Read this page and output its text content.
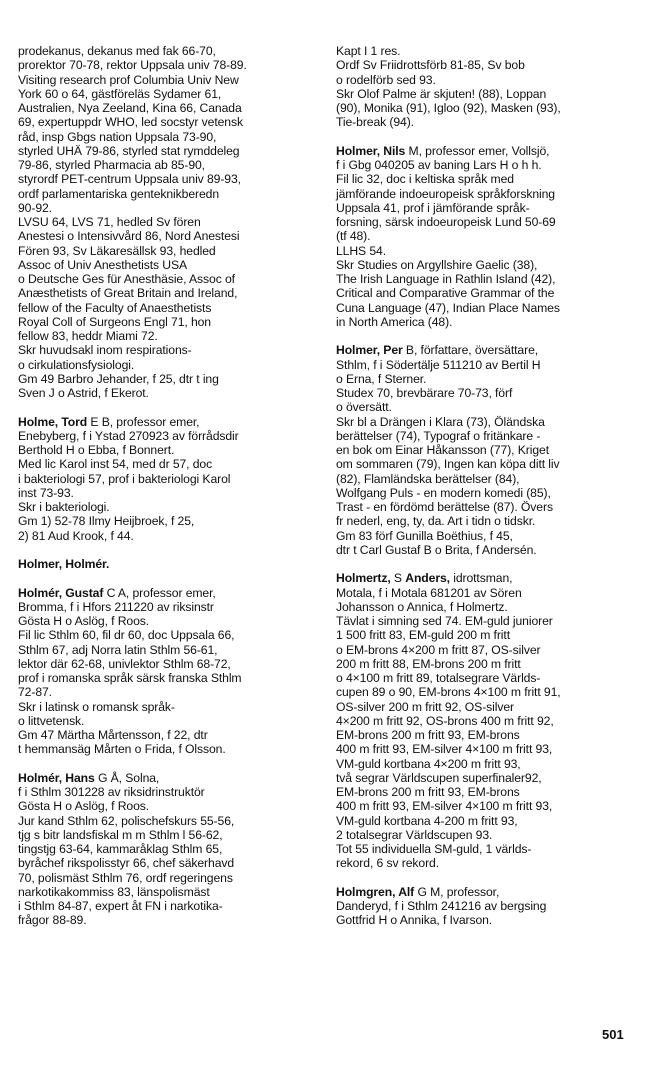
prodekanus, dekanus med fak 66-70,
prorektor 70-78, rektor Uppsala univ 78-89.
Visiting research prof Columbia Univ New
York 60 o 64, gästföreläs Sydamer 61,
Australien, Nya Zeeland, Kina 66, Canada
69, expertuppdr WHO, led socstyr vetensk
råd, insp Gbgs nation Uppsala 73-90,
styrled UHÄ 79-86, styrled stat rymddeleg
79-86, styrled Pharmacia ab 85-90,
styrordf PET-centrum Uppsala univ 89-93,
ordf parlamentariska genteknikberedn
90-92.
LVSU 64, LVS 71, hedled Sv fören
Anestesi o Intensivvård 86, Nord Anestesi
Fören 93, Sv Läkaresällsk 93, hedled
Assoc of Univ Anesthetists USA
o Deutsche Ges für Anesthäsie, Assoc of
Anæsthetists of Great Britain and Ireland,
fellow of the Faculty of Anaesthetists
Royal Coll of Surgeons Engl 71, hon
fellow 83, heddr Miami 72.
Skr huvudsakl inom respirations-
o cirkulationsfysiologi.
Gm 49 Barbro Jehander, f 25, dtr t ing
Sven J o Astrid, f Ekerot.
Holme, Tord E B, professor emer,
Enebyberg, f i Ystad 270923 av förrådsdir
Berthold H o Ebba, f Bonnert.
Med lic Karol inst 54, med dr 57, doc
i bakteriologi 57, prof i bakteriologi Karol
inst 73-93.
Skr i bakteriologi.
Gm 1) 52-78 Ilmy Heijbroek, f 25,
2) 81 Aud Krook, f 44.
Holmer, Holmér.
Holmér, Gustaf C A, professor emer,
Bromma, f i Hfors 211220 av riksinstr
Gösta H o Aslög, f Roos.
Fil lic Sthlm 60, fil dr 60, doc Uppsala 66,
Sthlm 67, adj Norra latin Sthlm 56-61,
lektor där 62-68, univlektor Sthlm 68-72,
prof i romanska språk särsk franska Sthlm
72-87.
Skr i latinsk o romansk språk-
o littvetensk.
Gm 47 Märtha Mårtensson, f 22, dtr
t hemmansäg Mårten o Frida, f Olsson.
Holmér, Hans G Å, Solna,
f i Sthlm 301228 av riksidrinstruktör
Gösta H o Aslög, f Roos.
Jur kand Sthlm 62, polischefskurs 55-56,
tjg s bitr landsfiskal m m Sthlm l 56-62,
tingstjg 63-64, kammaråklag Sthlm 65,
byråchef rikspolisstyr 66, chef säkerhavd
70, polismäst Sthlm 76, ordf regeringens
narkotikakommiss 83, länspolismäst
i Sthlm 84-87, expert åt FN i narkotika-
frågor 88-89.
Kapt I 1 res.
Ordf Sv Friidrottsförb 81-85, Sv bob
o rodelförb sed 93.
Skr Olof Palme är skjuten! (88), Loppan
(90), Monika (91), Igloo (92), Masken (93),
Tie-break (94).
Holmer, Nils M, professor emer, Vollsjö,
f i Gbg 040205 av baning Lars H o h h.
Fil lic 32, doc i keltiska språk med
jämförande indoeuropeisk språkforskning
Uppsala 41, prof i jämförande språk-
forsning, särsk indoeuropeisk Lund 50-69
(tf 48).
LLHS 54.
Skr Studies on Argyllshire Gaelic (38),
The Irish Language in Rathlin Island (42),
Critical and Comparative Grammar of the
Cuna Language (47), Indian Place Names
in North America (48).
Holmer, Per B, författare, översättare,
Sthlm, f i Södertälje 511210 av Bertil H
o Erna, f Sterner.
Studex 70, brevbärare 70-73, förf
o översätt.
Skr bl a Drängen i Klara (73), Öländska
berättelser (74), Typograf o fritänkare -
en bok om Einar Håkansson (77), Kriget
om sommaren (79), Ingen kan köpa ditt liv
(82), Flamländska berättelser (84),
Wolfgang Puls - en modern komedi (85),
Trast - en fördömd berättelse (87). Övers
fr nederl, eng, ty, da. Art i tidn o tidskr.
Gm 83 förf Gunilla Boëthius, f 45,
dtr t Carl Gustaf B o Brita, f Andersén.
Holmertz, S Anders, idrottsman,
Motala, f i Motala 681201 av Sören
Johansson o Annica, f Holmertz.
Tävlat i simning sed 74. EM-guld juniorer
1 500 fritt 83, EM-guld 200 m fritt
o EM-brons 4×200 m fritt 87, OS-silver
200 m fritt 88, EM-brons 200 m fritt
o 4×100 m fritt 89, totalsegrare Världs-
cupen 89 o 90, EM-brons 4×100 m fritt 91,
OS-silver 200 m fritt 92, OS-silver
4×200 m fritt 92, OS-brons 400 m fritt 92,
EM-brons 200 m fritt 93, EM-brons
400 m fritt 93, EM-silver 4×100 m fritt 93,
VM-guld kortbana 4×200 m fritt 93,
två segrar Världscupen superfinaler92,
EM-brons 200 m fritt 93, EM-brons
400 m fritt 93, EM-silver 4×100 m fritt 93,
VM-guld kortbana 4-200 m fritt 93,
2 totalsegrar Världscupen 93.
Tot 55 individuella SM-guld, 1 världs-
rekord, 6 sv rekord.
Holmgren, Alf G M, professor,
Danderyd, f i Sthlm 241216 av bergsing
Gottfrid H o Annika, f Ivarson.
501
